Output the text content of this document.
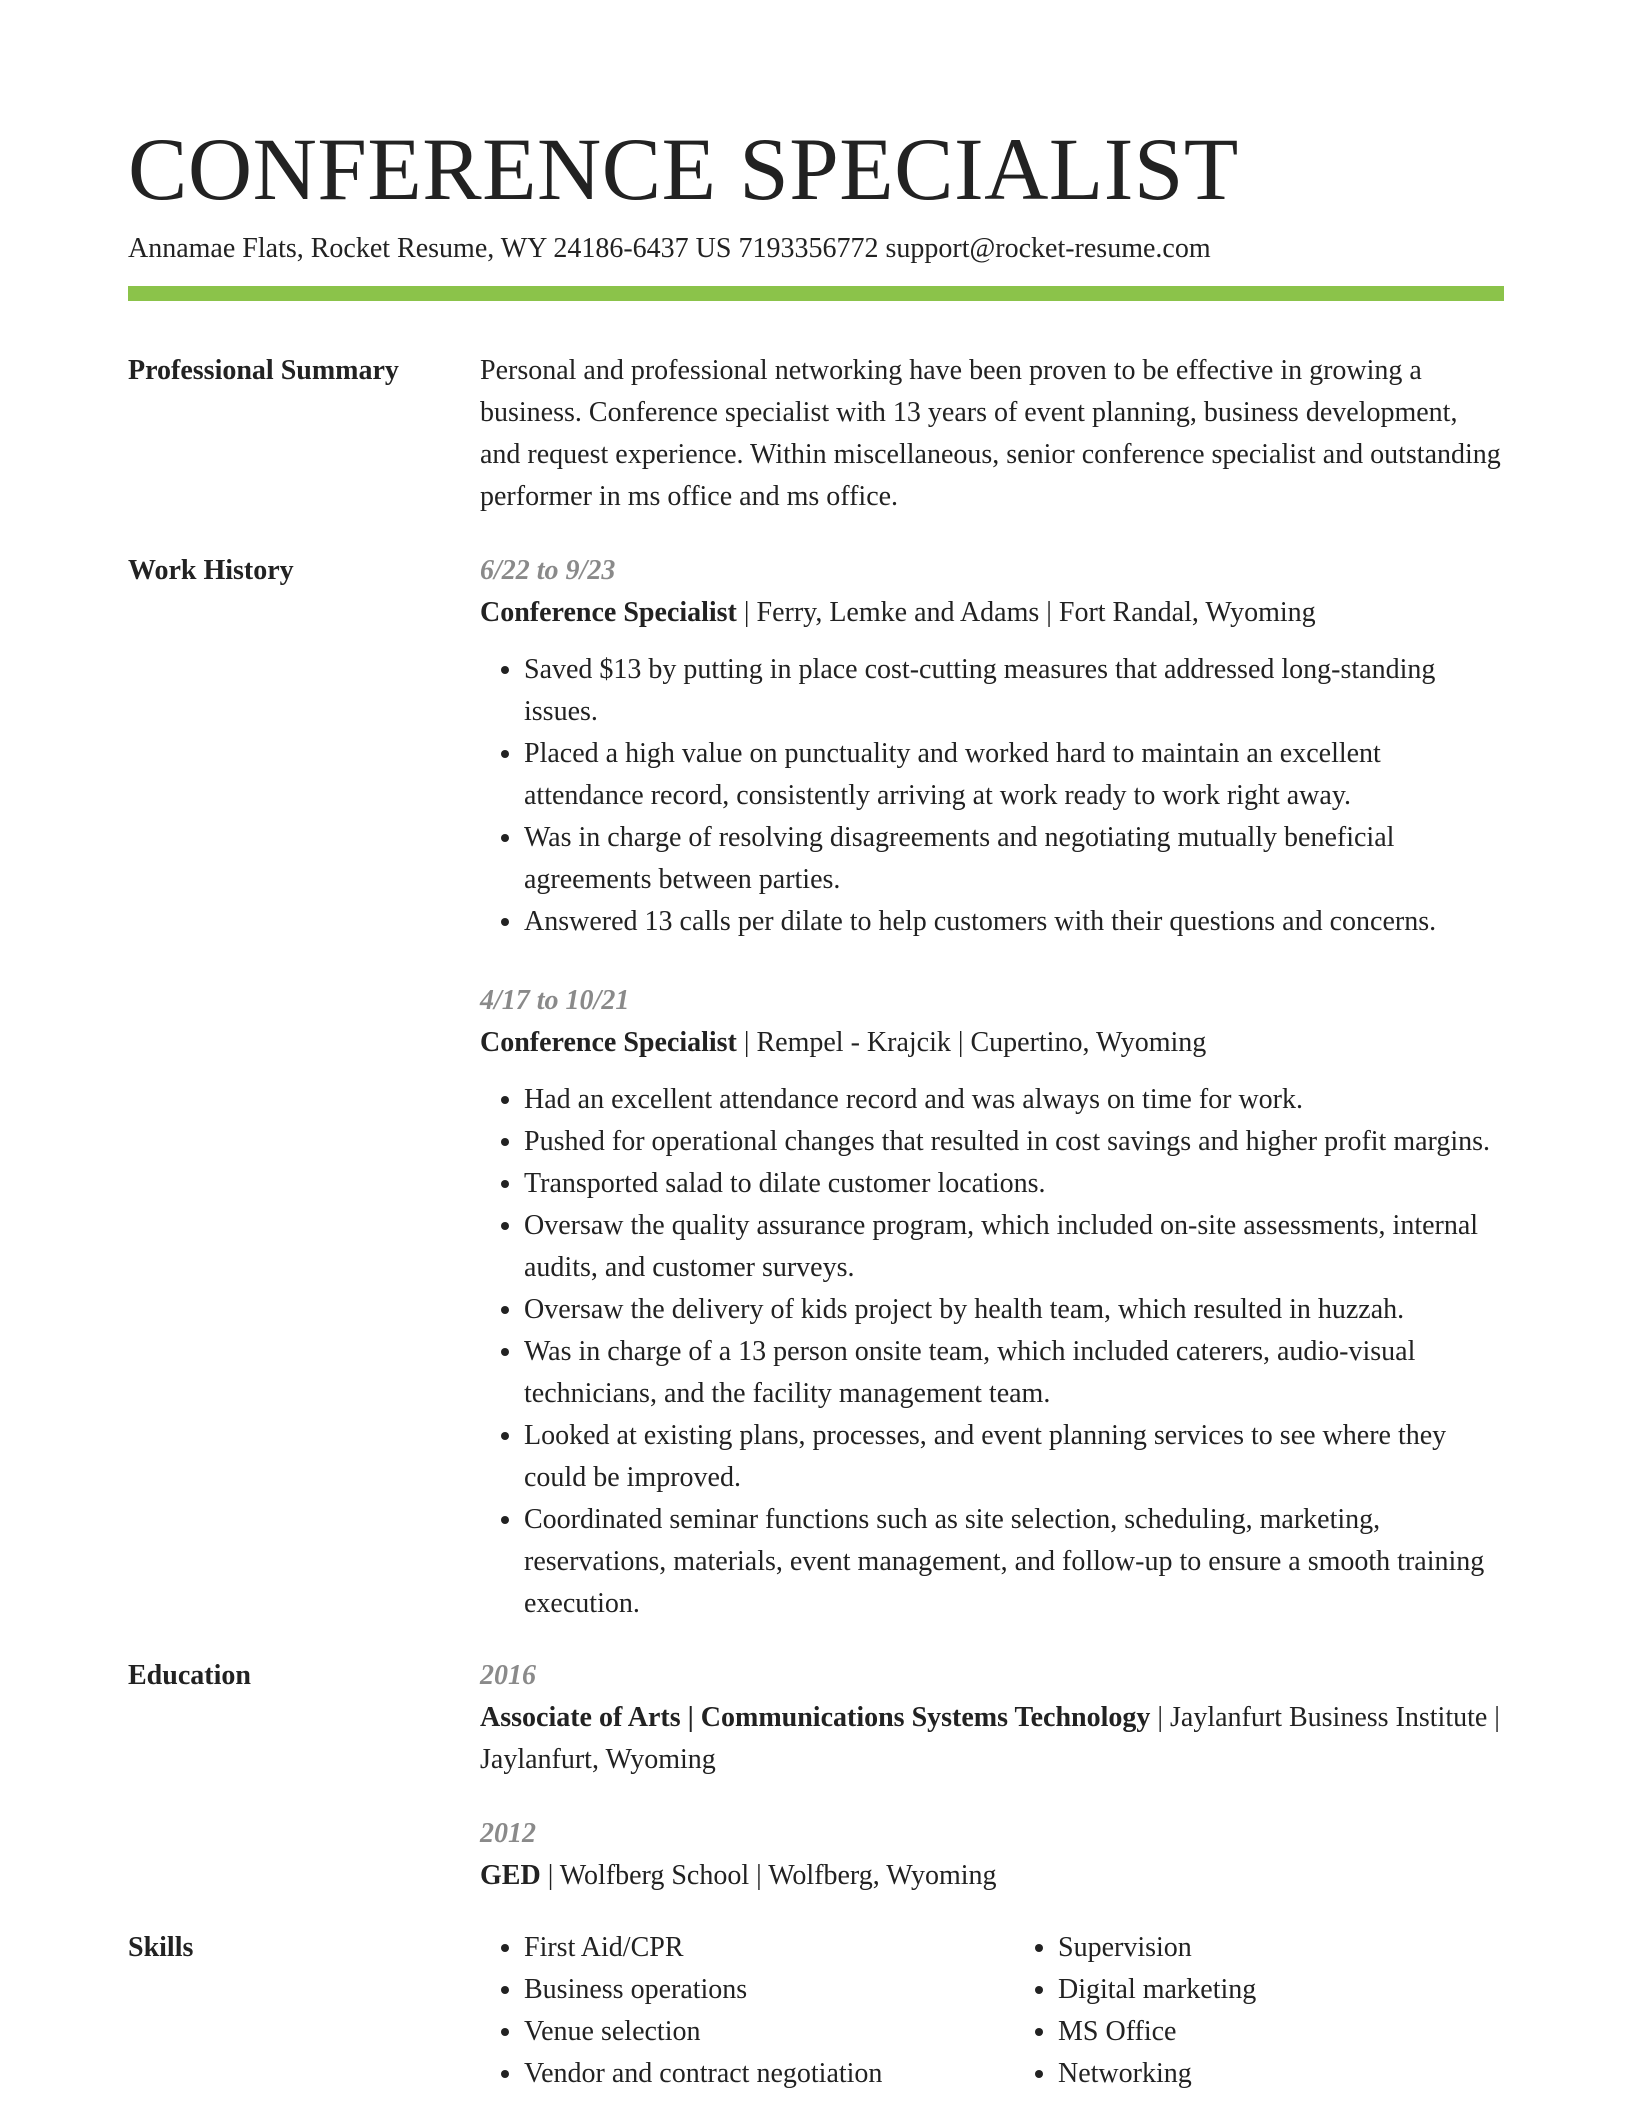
CONFERENCE SPECIALIST
Annamae Flats, Rocket Resume, WY 24186-6437 US 7193356772 support@rocket-resume.com
Professional Summary	Personal and professional networking have been proven to be effective in growing a business. Conference specialist with 13 years of event planning, business development, and request experience. Within miscellaneous, senior conference specialist and outstanding performer in ms office and ms office.

Work History	6/22 to 9/23
Conference Specialist | Ferry, Lemke and Adams | Fort Randal, Wyoming
• Saved $13 by putting in place cost-cutting measures that addressed long-standing issues.
• Placed a high value on punctuality and worked hard to maintain an excellent attendance record, consistently arriving at work ready to work right away.
• Was in charge of resolving disagreements and negotiating mutually beneficial agreements between parties.
• Answered 13 calls per dilate to help customers with their questions and concerns.
4/17 to 10/21
Conference Specialist | Rempel - Krajcik | Cupertino, Wyoming
• Had an excellent attendance record and was always on time for work.
• Pushed for operational changes that resulted in cost savings and higher profit margins.
• Transported salad to dilate customer locations.
• Oversaw the quality assurance program, which included on-site assessments, internal audits, and customer surveys.
• Oversaw the delivery of kids project by health team, which resulted in huzzah.
• Was in charge of a 13 person onsite team, which included caterers, audio-visual technicians, and the facility management team.
• Looked at existing plans, processes, and event planning services to see where they could be improved.
• Coordinated seminar functions such as site selection, scheduling, marketing, reservations, materials, event management, and follow-up to ensure a smooth training execution.
Education	2016
Associate of Arts | Communications Systems Technology | Jaylanfurt Business Institute | Jaylanfurt, Wyoming
2012
GED | Wolfberg School | Wolfberg, Wyoming
Skills
•	First Aid/CPR
• Business operations
• Venue selection
• Vendor and contract negotiation
• Supervision
• Digital marketing
• MS Office
• Networking
